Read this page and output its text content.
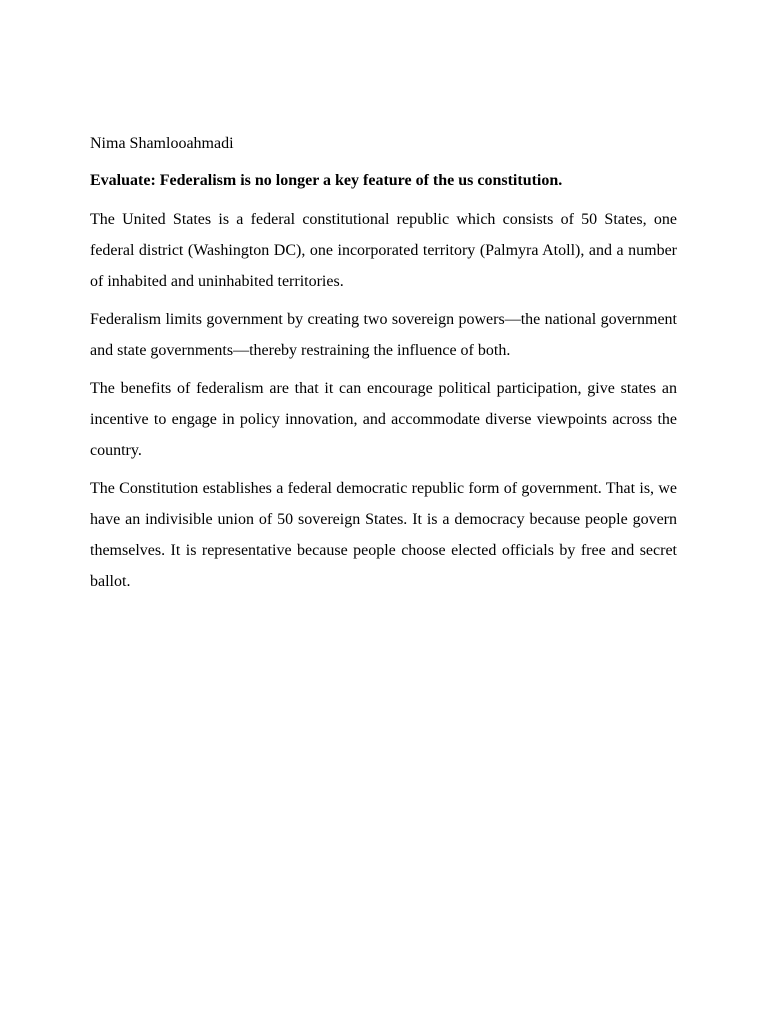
Nima Shamlooahmadi

Evaluate: Federalism is no longer a key feature of the us constitution.

The United States is a federal constitutional republic which consists of 50 States, one federal district (Washington DC), one incorporated territory (Palmyra Atoll), and a number of inhabited and uninhabited territories.

Federalism limits government by creating two sovereign powers—the national government and state governments—thereby restraining the influence of both.

The benefits of federalism are that it can encourage political participation, give states an incentive to engage in policy innovation, and accommodate diverse viewpoints across the country.

The Constitution establishes a federal democratic republic form of government. That is, we have an indivisible union of 50 sovereign States. It is a democracy because people govern themselves. It is representative because people choose elected officials by free and secret ballot.
